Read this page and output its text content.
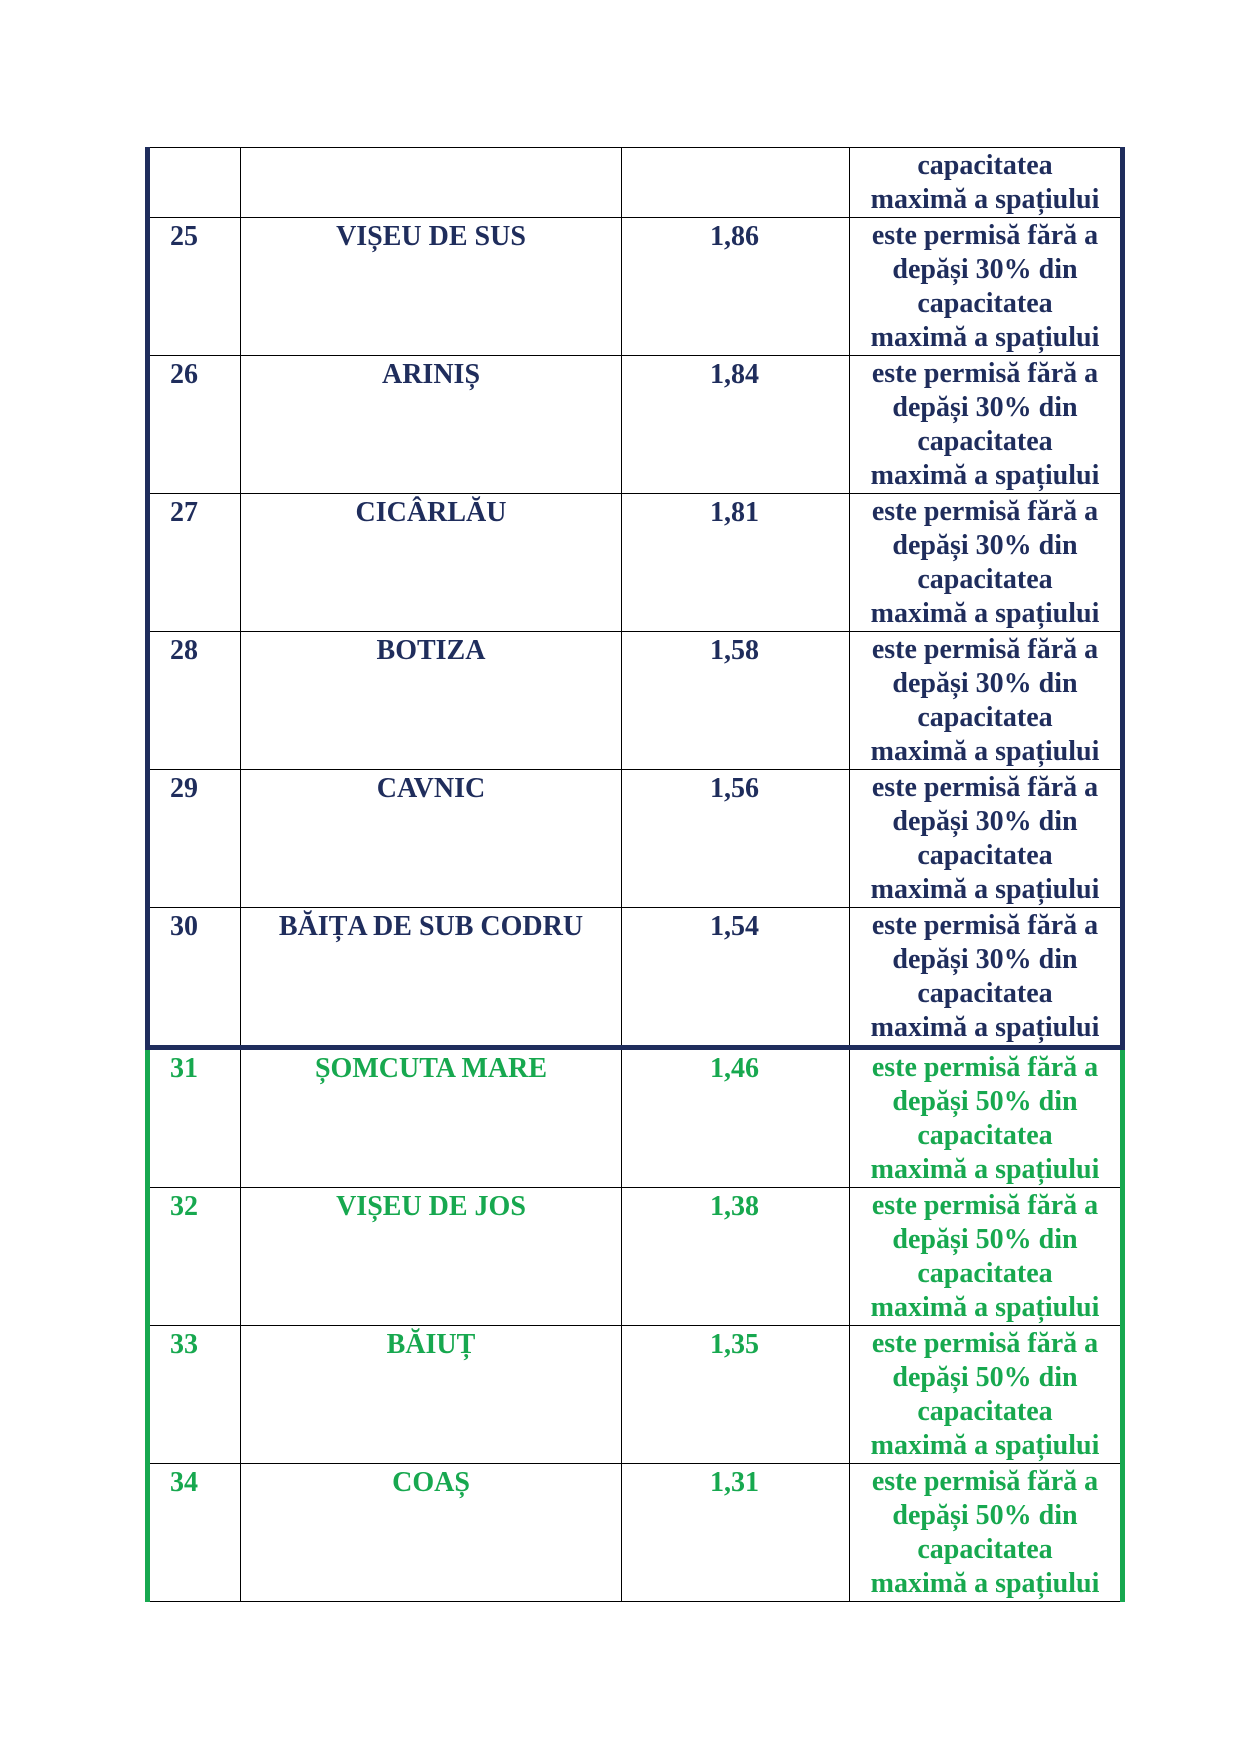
			capacitatea
maximă a spațiului

25	VIȘEU DE SUS	1,86	este permisă fără a
depăși 30% din
capacitatea
maximă a spațiului

26	ARINIȘ	1,84	este permisă fără a
depăși 30% din
capacitatea
maximă a spațiului

27	CICÂRLĂU	1,81	este permisă fără a
depăși 30% din
capacitatea
maximă a spațiului

28	BOTIZA	1,58	este permisă fără a
depăși 30% din
capacitatea
maximă a spațiului

29	CAVNIC	1,56	este permisă fără a
depăși 30% din
capacitatea
maximă a spațiului

30	BĂIȚA DE SUB CODRU	1,54	este permisă fără a
depăși 30% din
capacitatea
maximă a spațiului

31	ȘOMCUTA MARE	1,46	este permisă fără a
depăși 50% din
capacitatea
maximă a spațiului

32	VIȘEU DE JOS	1,38	este permisă fără a
depăși 50% din
capacitatea
maximă a spațiului

33	BĂIUȚ	1,35	este permisă fără a
depăși 50% din
capacitatea
maximă a spațiului

34	COAȘ	1,31	este permisă fără a
depăși 50% din
capacitatea
maximă a spațiului
